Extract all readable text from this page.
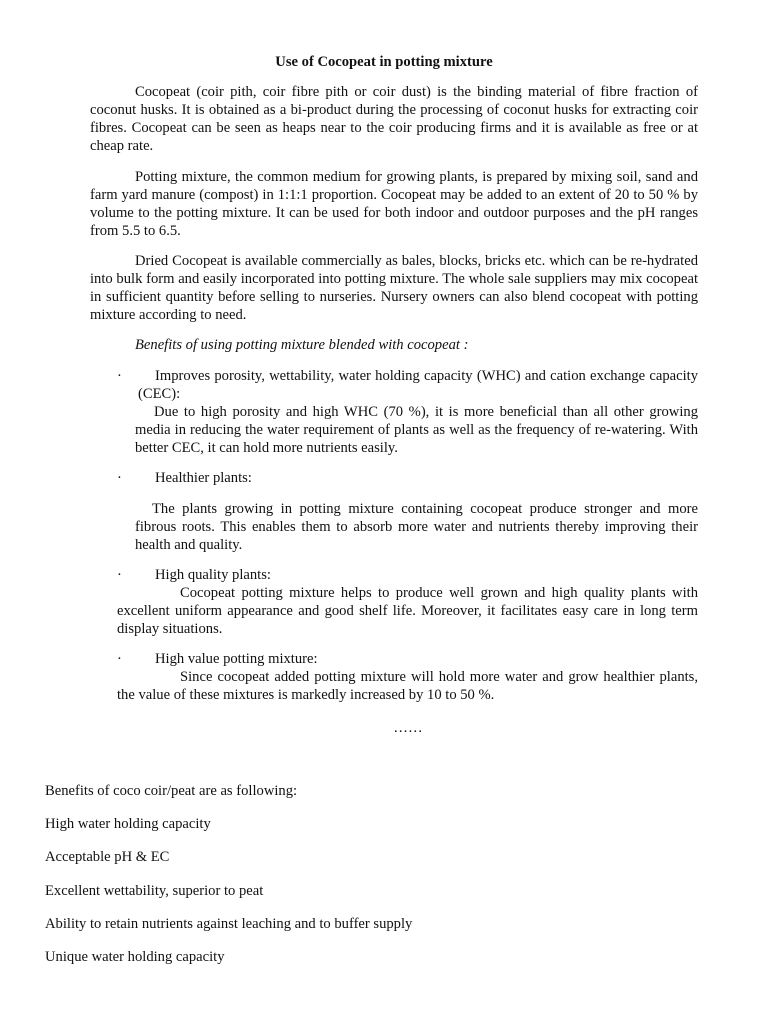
Use of Cocopeat in potting mixture

Cocopeat (coir pith, coir fibre pith or coir dust) is the binding material of fibre fraction of coconut husks. It is obtained as a bi-product during the processing of coconut husks for extracting coir fibres. Cocopeat can be seen as heaps near to the coir producing firms and it is available as free or at cheap rate.

Potting mixture, the common medium for growing plants, is prepared by mixing soil, sand and farm yard manure (compost) in 1:1:1 proportion. Cocopeat may be added to an extent of 20 to 50 % by volume to the potting mixture. It can be used for both indoor and outdoor purposes and the pH ranges from 5.5 to 6.5.

Dried Cocopeat is available commercially as bales, blocks, bricks etc. which can be re-hydrated into bulk form and easily incorporated into potting mixture. The whole sale suppliers may mix cocopeat in sufficient quantity before selling to nurseries. Nursery owners can also blend cocopeat with potting mixture according to need.

Benefits of using potting mixture blended with cocopeat :
·	Improves porosity, wettability, water holding capacity (WHC) and cation exchange capacity (CEC):

Due to high porosity and high WHC (70 %), it is more beneficial than all other growing media in reducing the water requirement of plants as well as the frequency of re-watering. With better CEC, it can hold more nutrients easily.

· Healthier plants:

The plants growing in potting mixture containing cocopeat produce stronger and more fibrous roots. This enables them to absorb more water and nutrients thereby improving their health and quality.

· High quality plants:

Cocopeat potting mixture helps to produce well grown and high quality plants with excellent uniform appearance and good shelf life. Moreover, it facilitates easy care in long term display situations.

· High value potting mixture:

Since cocopeat added potting mixture will hold more water and grow healthier plants, the value of these mixtures is markedly increased by 10 to 50 %.

……
Benefits of coco coir/peat are as following:
High water holding capacity
Acceptable pH & EC
Excellent wettability, superior to peat
Ability to retain nutrients against leaching and to buffer supply
Unique water holding capacity
